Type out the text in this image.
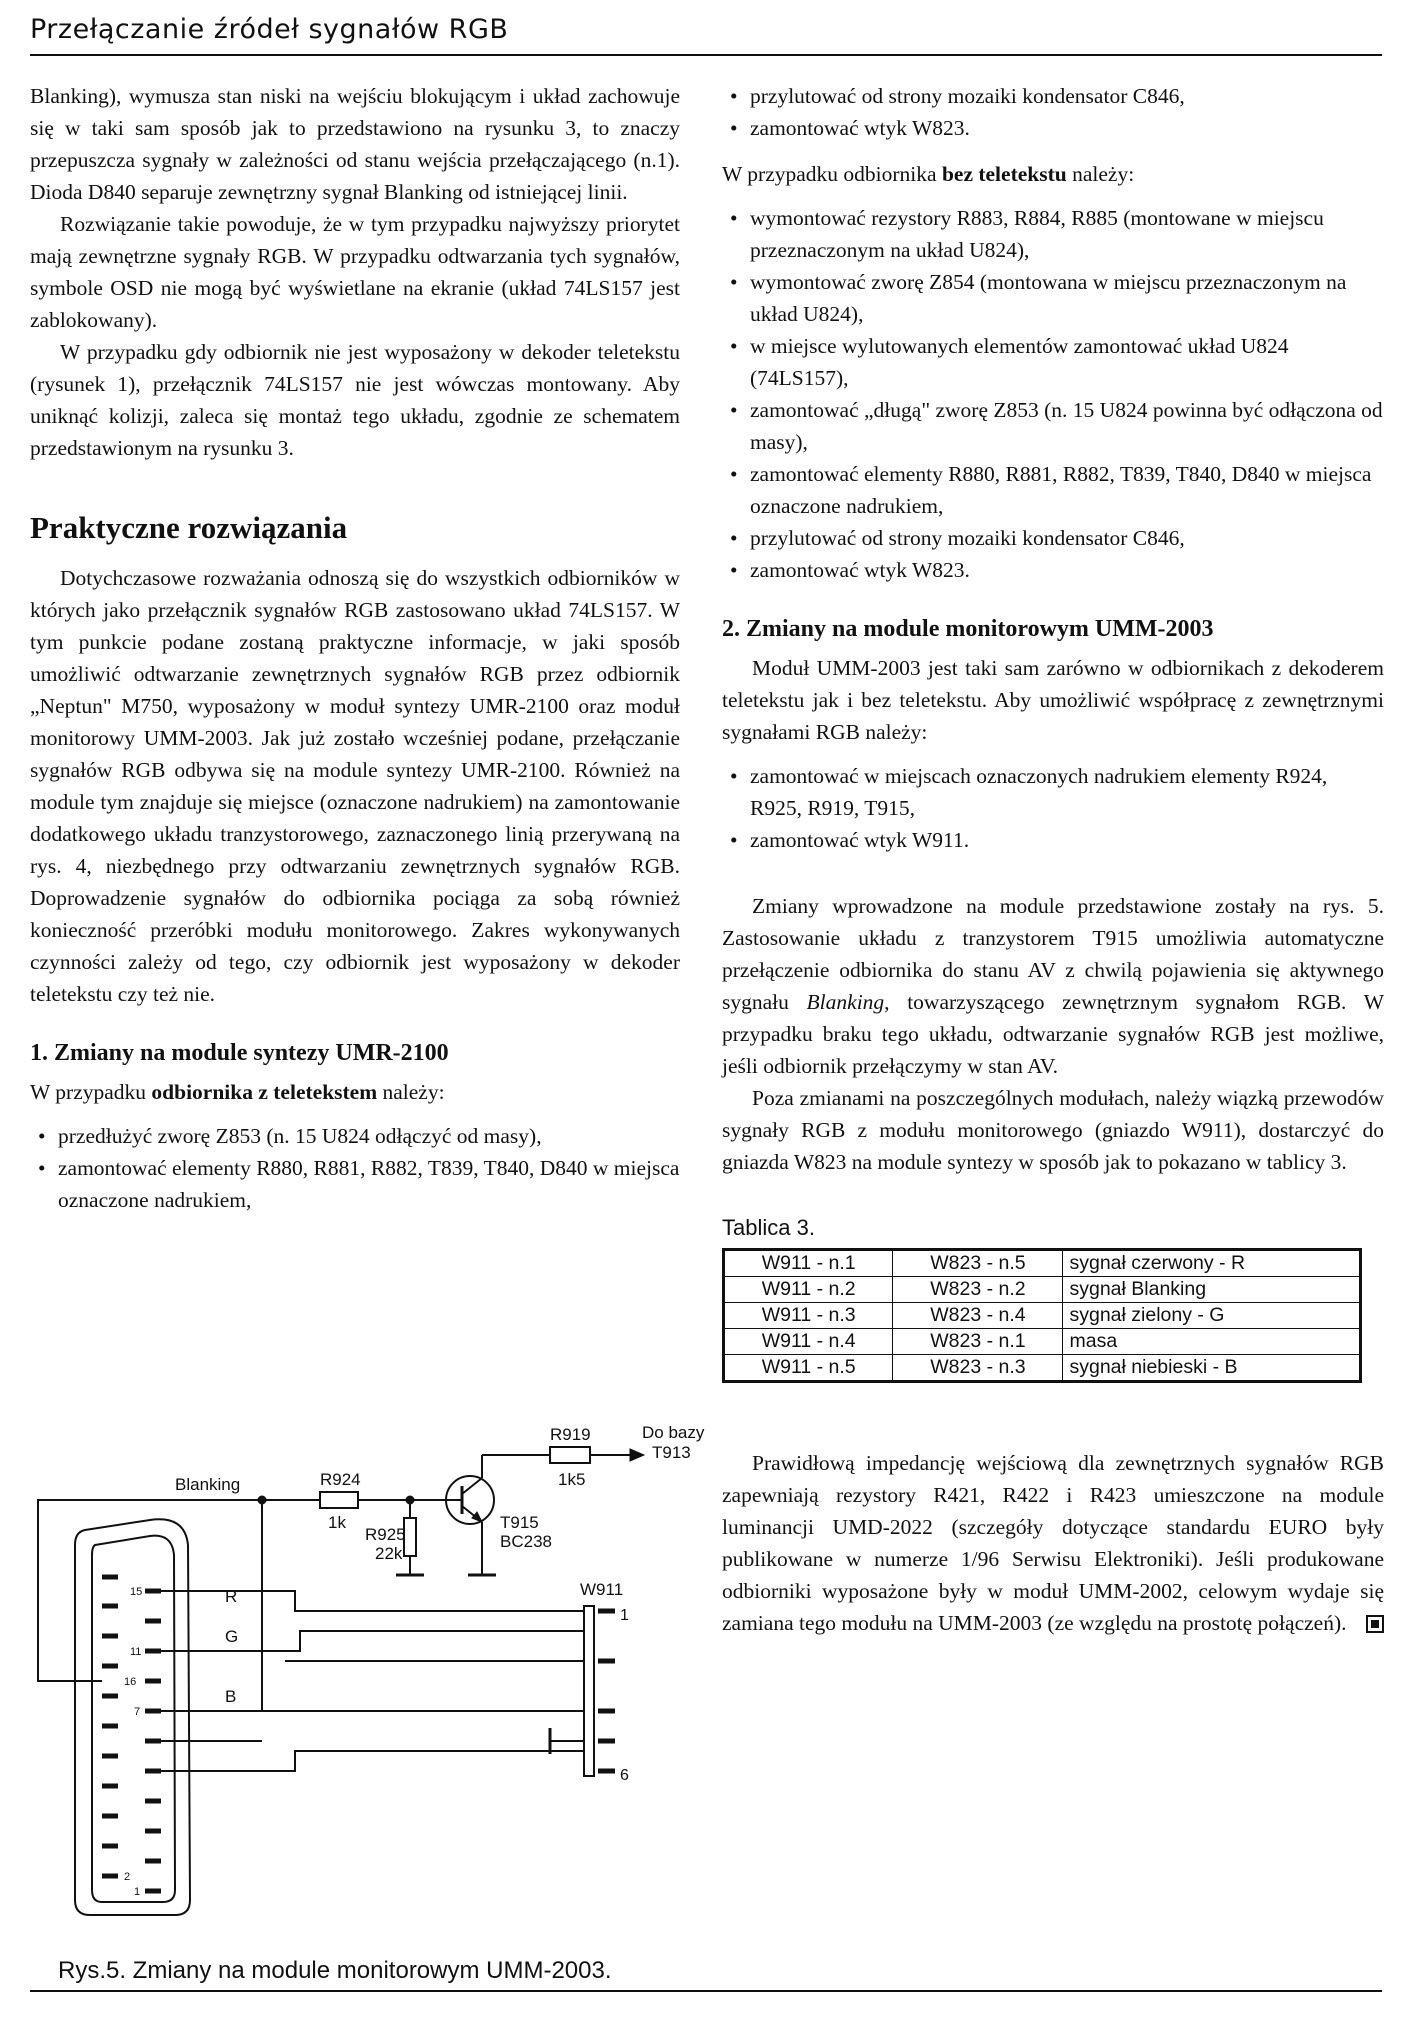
Przełączanie źródeł sygnałów RGB

Blanking), wymusza stan niski na wejściu blokującym i układ zachowuje się w taki sam sposób jak to przedstawiono na rysunku 3, to znaczy przepuszcza sygnały w zależności od stanu wejścia przełączającego (n.1). Dioda D840 separuje zewnętrzny sygnał Blanking od istniejącej linii.

Rozwiązanie takie powoduje, że w tym przypadku najwyższy priorytet mają zewnętrzne sygnały RGB. W przypadku odtwarzania tych sygnałów, symbole OSD nie mogą być wyświetlane na ekranie (układ 74LS157 jest zablokowany).

W przypadku gdy odbiornik nie jest wyposażony w dekoder teletekstu (rysunek 1), przełącznik 74LS157 nie jest wówczas montowany. Aby uniknąć kolizji, zaleca się montaż tego układu, zgodnie ze schematem przedstawionym na rysunku 3.

Praktyczne rozwiązania

Dotychczasowe rozważania odnoszą się do wszystkich odbiorników w których jako przełącznik sygnałów RGB zastosowano układ 74LS157. W tym punkcie podane zostaną praktyczne informacje, w jaki sposób umożliwić odtwarzanie zewnętrznych sygnałów RGB przez odbiornik „Neptun" M750, wyposażony w moduł syntezy UMR-2100 oraz moduł monitorowy UMM-2003. Jak już zostało wcześniej podane, przełączanie sygnałów RGB odbywa się na module syntezy UMR-2100. Również na module tym znajduje się miejsce (oznaczone nadrukiem) na zamontowanie dodatkowego układu tranzystorowego, zaznaczonego linią przerywaną na rys. 4, niezbędnego przy odtwarzaniu zewnętrznych sygnałów RGB. Doprowadzenie sygnałów do odbiornika pociąga za sobą również konieczność przeróbki modułu monitorowego. Zakres wykonywanych czynności zależy od tego, czy odbiornik jest wyposażony w dekoder teletekstu czy też nie.

1. Zmiany na module syntezy UMR-2100

W przypadku odbiornika z teletekstem należy:

• przedłużyć zworę Z853 (n. 15 U824 odłączyć od masy),
• zamontować elementy R880, R881, R882, T839, T840, D840 w miejsca oznaczone nadrukiem,
• przylutować od strony mozaiki kondensator C846,
• zamontować wtyk W823.

W przypadku odbiornika bez teletekstu należy:

• wymontować rezystory R883, R884, R885 (montowane w miejscu przeznaczonym na układ U824),
• wymontować zworę Z854 (montowana w miejscu przeznaczonym na układ U824),
• w miejsce wylutowanych elementów zamontować układ U824 (74LS157),
• zamontować „długą" zworę Z853 (n. 15 U824 powinna być odłączona od masy),
• zamontować elementy R880, R881, R882, T839, T840, D840 w miejsca oznaczone nadrukiem,
• przylutować od strony mozaiki kondensator C846,
• zamontować wtyk W823.

2. Zmiany na module monitorowym UMM-2003

Moduł UMM-2003 jest taki sam zarówno w odbiornikach z dekoderem teletekstu jak i bez teletekstu. Aby umożliwić współpracę z zewnętrznymi sygnałami RGB należy:

• zamontować w miejscach oznaczonych nadrukiem elementy R924, R925, R919, T915,
• zamontować wtyk W911.

Zmiany wprowadzone na module przedstawione zostały na rys. 5. Zastosowanie układu z tranzystorem T915 umożliwia automatyczne przełączenie odbiornika do stanu AV z chwilą pojawienia się aktywnego sygnału Blanking, towarzyszącego zewnętrznym sygnałom RGB. W przypadku braku tego układu, odtwarzanie sygnałów RGB jest możliwe, jeśli odbiornik przełączymy w stan AV.

Poza zmianami na poszczególnych modułach, należy wiązką przewodów sygnały RGB z modułu monitorowego (gniazdo W911), dostarczyć do gniazda W823 na module syntezy w sposób jak to pokazano w tablicy 3.

Tablica 3.

W911 - n.1	W823 - n.5	sygnał czerwony - R
W911 - n.2	W823 - n.2	sygnał Blanking
W911 - n.3	W823 - n.4	sygnał zielony - G
W911 - n.4	W823 - n.1	masa
W911 - n.5	W823 - n.3	sygnał niebieski - B

Prawidłową impedancję wejściową dla zewnętrznych sygnałów RGB zapewniają rezystory R421, R422 i R423 umieszczone na module luminancji UMD-2022 (szczegóły dotyczące standardu EURO były publikowane w numerze 1/96 Serwisu Elektroniki). Jeśli produkowane odbiorniki wyposażone były w moduł UMM-2002, celowym wydaje się zamiana tego modułu na UMM-2003 (ze względu na prostotę połączeń).

Blanking	R924
1k
R925
22k
R919
1k5
T915
BC238
Do bazy
T913
W911
R
G
B
1
6
16
15
11
7
2
1
Rys.5. Zmiany na module monitorowym UMM-2003.
